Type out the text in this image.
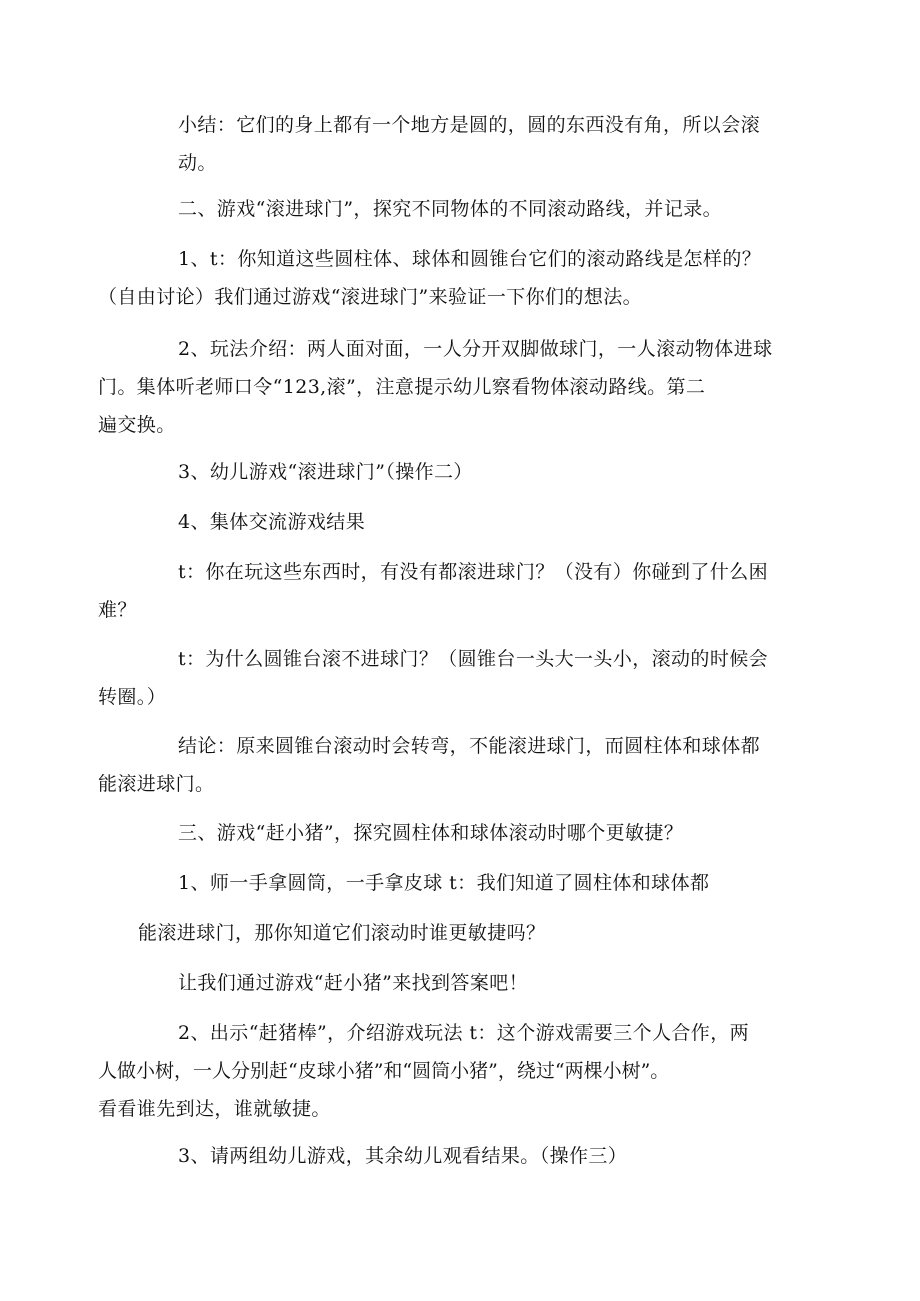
小结：它们的身上都有一个地方是圆的，圆的东西没有角，所以会滚
动。

二、游戏“滚进球门”，探究不同物体的不同滚动路线，并记录。

1、t：你知道这些圆柱体、球体和圆锥台它们的滚动路线是怎样的？
（自由讨论）我们通过游戏“滚进球门”来验证一下你们的想法。

2、玩法介绍：两人面对面，一人分开双脚做球门，一人滚动物体进球
门。集体听老师口令“123,滚”，注意提示幼儿察看物体滚动路线。第二
遍交换。

3、幼儿游戏“滚进球门”（操作二）

4、集体交流游戏结果

t：你在玩这些东西时，有没有都滚进球门？（没有）你碰到了什么困
难？

t：为什么圆锥台滚不进球门？（圆锥台一头大一头小，滚动的时候会
转圈。）

结论：原来圆锥台滚动时会转弯，不能滚进球门，而圆柱体和球体都
能滚进球门。

三、游戏“赶小猪”，探究圆柱体和球体滚动时哪个更敏捷？

1、师一手拿圆筒，一手拿皮球 t：我们知道了圆柱体和球体都

能滚进球门，那你知道它们滚动时谁更敏捷吗？

让我们通过游戏“赶小猪”来找到答案吧！

2、出示“赶猪棒”，介绍游戏玩法 t：这个游戏需要三个人合作，两
人做小树，一人分别赶“皮球小猪”和“圆筒小猪”，绕过“两棵小树”。
看看谁先到达，谁就敏捷。

3、请两组幼儿游戏，其余幼儿观看结果。（操作三）
